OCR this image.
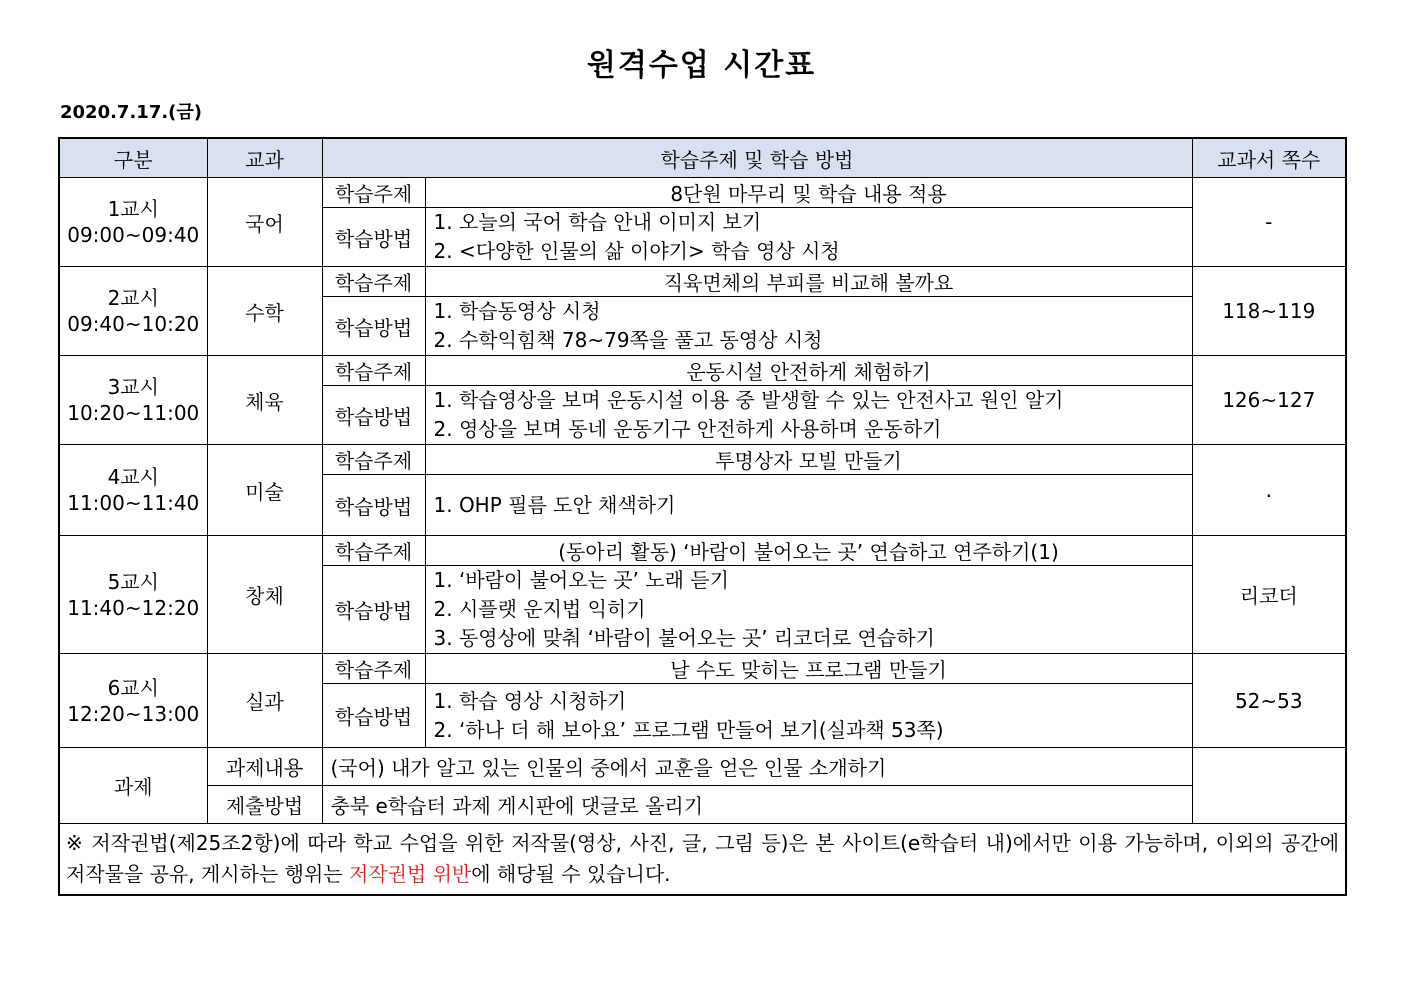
원격수업 시간표
2020.7.17.(금)
구분	교과	학습주제 및 학습 방법		교과서 쪽수

1교시
09:00~09:40	국어	학습주제	8단원 마무리 및 학습 내용 적용	-
		학습방법	1. 오늘의 국어 학습 안내 이미지 보기
2. <다양한 인물의 삶 이야기> 학습 영상 시청	

2교시
09:40~10:20	수학	학습주제	직육면체의 부피를 비교해 볼까요	118~119
		학습방법	1. 학습동영상 시청
2. 수학익힘책 78~79쪽을 풀고 동영상 시청	

3교시
10:20~11:00	체육	학습주제	운동시설 안전하게 체험하기	126~127
		학습방법	1. 학습영상을 보며 운동시설 이용 중 발생할 수 있는 안전사고 원인 알기
2. 영상을 보며 동네 운동기구 안전하게 사용하며 운동하기	

4교시
11:00~11:40	미술	학습주제	투명상자 모빌 만들기	.
		학습방법	1. OHP 필름 도안 채색하기	

5교시
11:40~12:20	창체	학습주제	(동아리 활동) ‘바람이 불어오는 곳’ 연습하고 연주하기(1)	리코더
		학습방법	1. ‘바람이 불어오는 곳’ 노래 듣기
2. 시플랫 운지법 익히기
3. 동영상에 맞춰 ‘바람이 불어오는 곳’ 리코더로 연습하기	

6교시
12:20~13:00	실과	학습주제	날 수도 맞히는 프로그램 만들기	52~53
		학습방법	1. 학습 영상 시청하기
2. ‘하나 더 해 보아요’ 프로그램 만들어 보기(실과책 53쪽)	

과제	과제내용	(국어) 내가 알고 있는 인물의 중에서 교훈을 얻은 인물 소개하기		
	제출방법	충북 e학습터 과제 게시판에 댓글로 올리기		
※ 저작권법(제25조2항)에 따라 학교 수업을 위한 저작물(영상, 사진, 글, 그림 등)은 본 사이트(e학습터 내)에서만 이용 가능하며, 이외의 공간에 저작물을 공유, 게시하는 행위는 저작권법 위반에 해당될 수 있습니다.				
